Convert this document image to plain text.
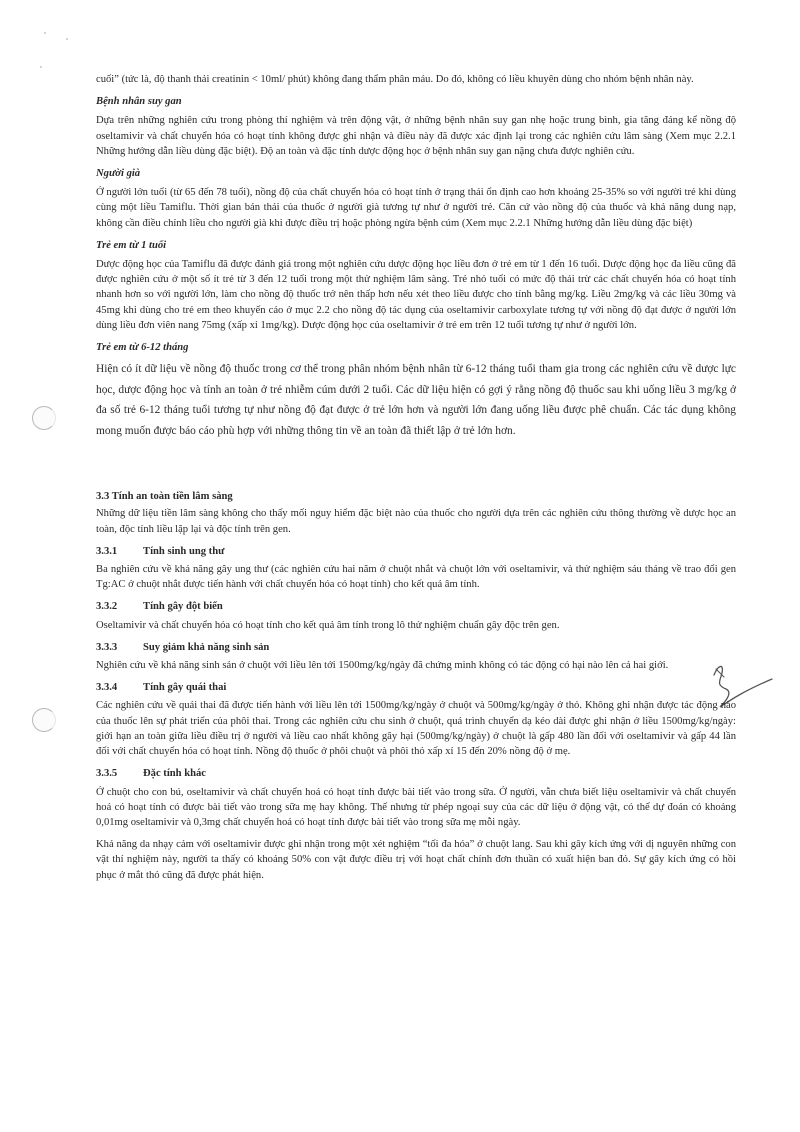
cuối” (tức là, độ thanh thải creatinin < 10ml/ phút) không đang thẩm phân máu. Do đó, không có liều khuyên dùng cho nhóm bệnh nhân này.

Bệnh nhân suy gan

Dựa trên những nghiên cứu trong phòng thí nghiệm và trên động vật, ở những bệnh nhân suy gan nhẹ hoặc trung bình, gia tăng đáng kể nồng độ oseltamivir và chất chuyển hóa có hoạt tính không được ghi nhận và điều này đã được xác định lại trong các nghiên cứu lâm sàng (Xem mục 2.2.1 Những hướng dẫn liều dùng đặc biệt). Độ an toàn và đặc tính dược động học ở bệnh nhân suy gan nặng chưa được nghiên cứu.

Người già

Ở người lớn tuổi (từ 65 đến 78 tuổi), nồng độ của chất chuyển hóa có hoạt tính ở trạng thái ổn định cao hơn khoảng 25-35% so với người trẻ khi dùng cùng một liều Tamiflu. Thời gian bán thải của thuốc ở người già tương tự như ở người trẻ. Căn cứ vào nồng độ của thuốc và khả năng dung nạp, không cần điều chỉnh liều cho người già khi được điều trị hoặc phòng ngừa bệnh cúm (Xem mục 2.2.1 Những hướng dẫn liều dùng đặc biệt)

Trẻ em từ 1 tuổi

Dược động học của Tamiflu đã được đánh giá trong một nghiên cứu dược động học liều đơn ở trẻ em từ 1 đến 16 tuổi. Dược động học đa liều cũng đã được nghiên cứu ở một số ít trẻ từ 3 đến 12 tuổi trong một thử nghiệm lâm sàng. Trẻ nhỏ tuổi có mức độ thải trừ các chất chuyển hóa có hoạt tính nhanh hơn so với người lớn, làm cho nồng độ thuốc trở nên thấp hơn nếu xét theo liều được cho tính bằng mg/kg. Liều 2mg/kg và các liều 30mg và 45mg khi dùng cho trẻ em theo khuyến cáo ở mục 2.2 cho nồng độ tác dụng của oseltamivir carboxylate tương tự với nồng độ đạt được ở người lớn dùng liều đơn viên nang 75mg (xấp xỉ 1mg/kg). Dược động học của oseltamivir ở trẻ em trên 12 tuổi tương tự như ở người lớn.

Trẻ em từ 6-12 tháng

Hiện có ít dữ liệu về nồng độ thuốc trong cơ thể trong phân nhóm bệnh nhân từ 6-12 tháng tuổi tham gia trong các nghiên cứu về dược lực học, dược động học và tính an toàn ở trẻ nhiễm cúm dưới 2 tuổi. Các dữ liệu hiện có gợi ý rằng nồng độ thuốc sau khi uống liều 3 mg/kg ở đa số trẻ 6-12 tháng tuổi tương tự như nồng độ đạt được ở trẻ lớn hơn và người lớn đang uống liều được phê chuẩn. Các tác dụng không mong muốn được báo cáo phù hợp với những thông tin về an toàn đã thiết lập ở trẻ lớn hơn.

3.3 Tính an toàn tiền lâm sàng

Những dữ liệu tiền lâm sàng không cho thấy mối nguy hiểm đặc biệt nào của thuốc cho người dựa trên các nghiên cứu thông thường về dược học an toàn, độc tính liều lặp lại và độc tính trên gen.

3.3.1	Tính sinh ung thư

Ba nghiên cứu về khả năng gây ung thư (các nghiên cứu hai năm ở chuột nhắt và chuột lớn với oseltamivir, và thử nghiệm sáu tháng về trao đổi gen Tg:AC ở chuột nhắt được tiến hành với chất chuyển hóa có hoạt tính) cho kết quả âm tính.

3.3.2	Tính gây đột biến

Oseltamivir và chất chuyển hóa có hoạt tính cho kết quả âm tính trong lô thử nghiệm chuẩn gây độc trên gen.

3.3.3	Suy giảm khả năng sinh sản

Nghiên cứu về khả năng sinh sản ở chuột với liều lên tới 1500mg/kg/ngày đã chứng minh không có tác động có hại nào lên cả hai giới.

3.3.4	Tính gây quái thai

Các nghiên cứu về quái thai đã được tiến hành với liều lên tới 1500mg/kg/ngày ở chuột và 500mg/kg/ngày ở thỏ. Không ghi nhận được tác động nào của thuốc lên sự phát triển của phôi thai. Trong các nghiên cứu chu sinh ở chuột, quá trình chuyển dạ kéo dài được ghi nhận ở liều 1500mg/kg/ngày: giới hạn an toàn giữa liều điều trị ở người và liều cao nhất không gây hại (500mg/kg/ngày) ở chuột là gấp 480 lần đối với oseltamivir và gấp 44 lần đối với chất chuyển hóa có hoạt tính. Nồng độ thuốc ở phôi chuột và phôi thỏ xấp xỉ 15 đến 20% nồng độ ở mẹ.

3.3.5	Đặc tính khác

Ở chuột cho con bú, oseltamivir và chất chuyển hoá có hoạt tính được bài tiết vào trong sữa. Ở người, vẫn chưa biết liệu oseltamivir và chất chuyển hoá có hoạt tính có được bài tiết vào trong sữa mẹ hay không. Thế nhưng từ phép ngoại suy của các dữ liệu ở động vật, có thể dự đoán có khoảng 0,01mg oseltamivir và 0,3mg chất chuyển hoá có hoạt tính được bài tiết vào trong sữa mẹ mỗi ngày.

Khả năng da nhạy cảm với oseltamivir được ghi nhận trong một xét nghiệm “tối đa hóa” ở chuột lang. Sau khi gây kích ứng với dị nguyên những con vật thí nghiệm này, người ta thấy có khoảng 50% con vật được điều trị với hoạt chất chính đơn thuần có xuất hiện ban đỏ. Sự gây kích ứng có hồi phục ở mắt thỏ cũng đã được phát hiện.
